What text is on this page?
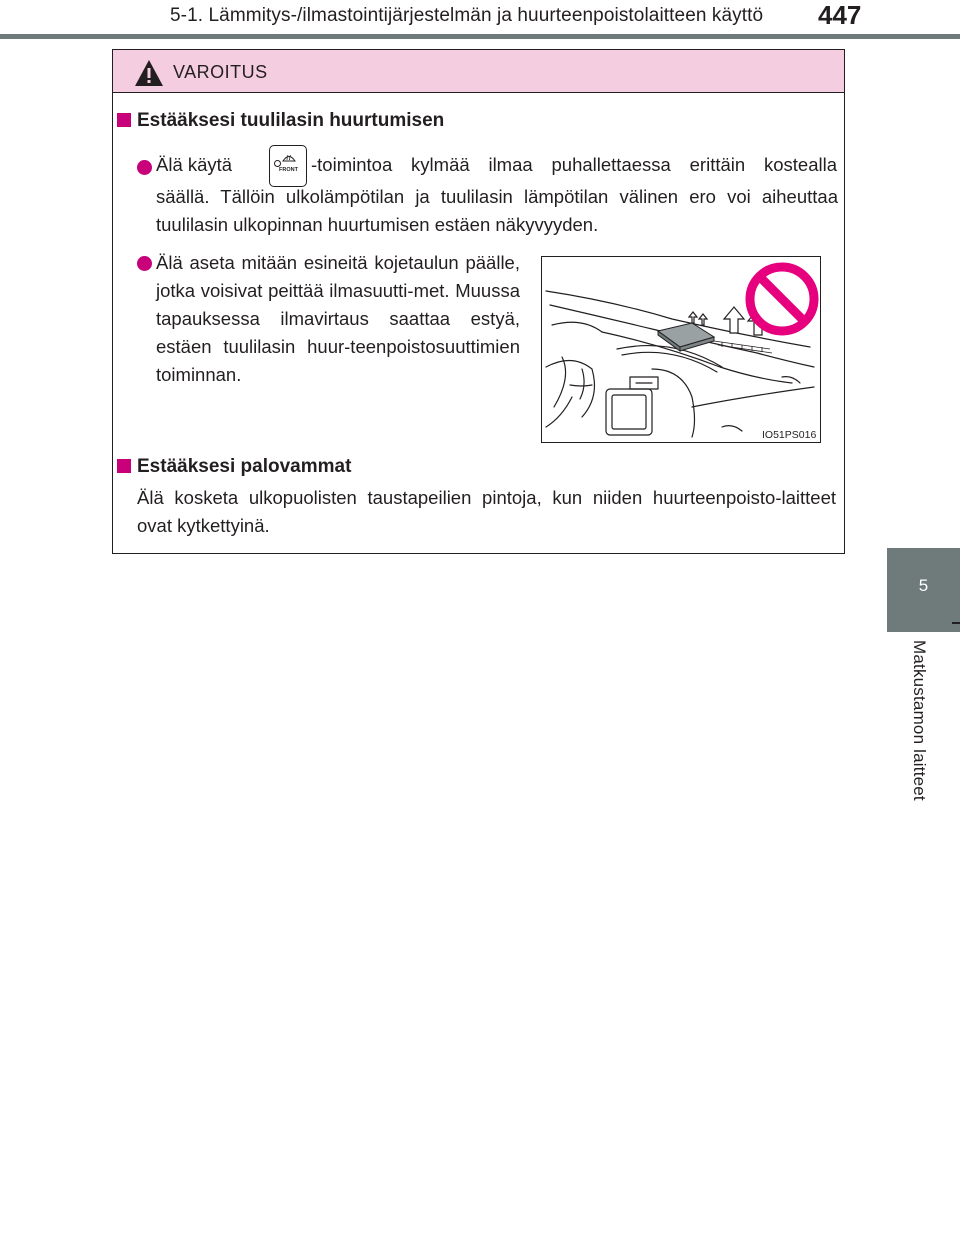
5-1. Lämmitys-/ilmastointijärjestelmän ja huurteenpoistolaitteen käyttö 447
5
Matkustamon laitteet
VAROITUS
Estääksesi tuulilasin huurtumisen
Älä käytä	FRONT -toimintoa kylmää ilmaa puhallettaessa erittäin kostealla
säällä. Tällöin ulkolämpötilan ja tuulilasin lämpötilan välinen ero voi aiheuttaa tuulilasin ulkopinnan huurtumisen estäen näkyvyyden.
Älä aseta mitään esineitä kojetaulun päälle, jotka voisivat peittää ilmasuutti-met. Muussa tapauksessa ilmavirtaus saattaa estyä, estäen tuulilasin huur-teenpoistosuuttimien toiminnan.
IO51PS016
Estääksesi palovammat
Älä kosketa ulkopuolisten taustapeilien pintoja, kun niiden huurteenpoisto-laitteet ovat kytkettyinä.
